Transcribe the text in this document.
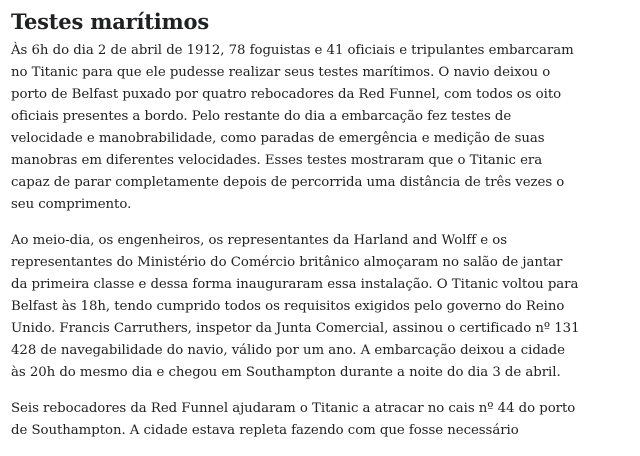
Testes marítimos

Às 6h do dia 2 de abril de 1912, 78 foguistas e 41 oficiais e tripulantes embarcaram
no Titanic para que ele pudesse realizar seus testes marítimos. O navio deixou o
porto de Belfast puxado por quatro rebocadores da Red Funnel, com todos os oito
oficiais presentes a bordo. Pelo restante do dia a embarcação fez testes de
velocidade e manobrabilidade, como paradas de emergência e medição de suas
manobras em diferentes velocidades. Esses testes mostraram que o Titanic era
capaz de parar completamente depois de percorrida uma distância de três vezes o
seu comprimento.

Ao meio-dia, os engenheiros, os representantes da Harland and Wolff e os
representantes do Ministério do Comércio britânico almoçaram no salão de jantar
da primeira classe e dessa forma inauguraram essa instalação. O Titanic voltou para
Belfast às 18h, tendo cumprido todos os requisitos exigidos pelo governo do Reino
Unido. Francis Carruthers, inspetor da Junta Comercial, assinou o certificado nº 131
428 de navegabilidade do navio, válido por um ano. A embarcação deixou a cidade
às 20h do mesmo dia e chegou em Southampton durante a noite do dia 3 de abril.

Seis rebocadores da Red Funnel ajudaram o Titanic a atracar no cais nº 44 do porto
de Southampton. A cidade estava repleta fazendo com que fosse necessário
